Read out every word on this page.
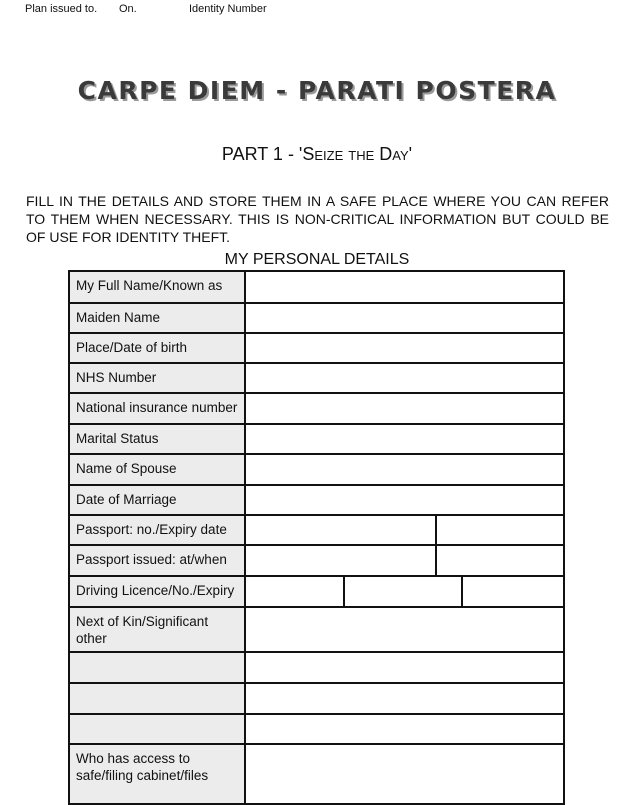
Plan issued to. On.	Identity Number
CARPE DIEM - PARATI POSTERA
PART 1 - 'Seize the Day'
FILL IN THE DETAILS AND STORE THEM IN A SAFE PLACE WHERE YOU CAN REFER TO THEM WHEN NECESSARY. THIS IS NON-CRITICAL INFORMATION BUT COULD BE OF USE FOR IDENTITY THEFT.
MY PERSONAL DETAILS
My Full Name/Known as
Maiden Name
Place/Date of birth
NHS Number
National insurance number
Marital Status
Name of Spouse
Date of Marriage
Passport: no./Expiry date
Passport issued: at/when
Driving Licence/No./Expiry
Next of Kin/Significant other
Who has access to safe/filing cabinet/files
